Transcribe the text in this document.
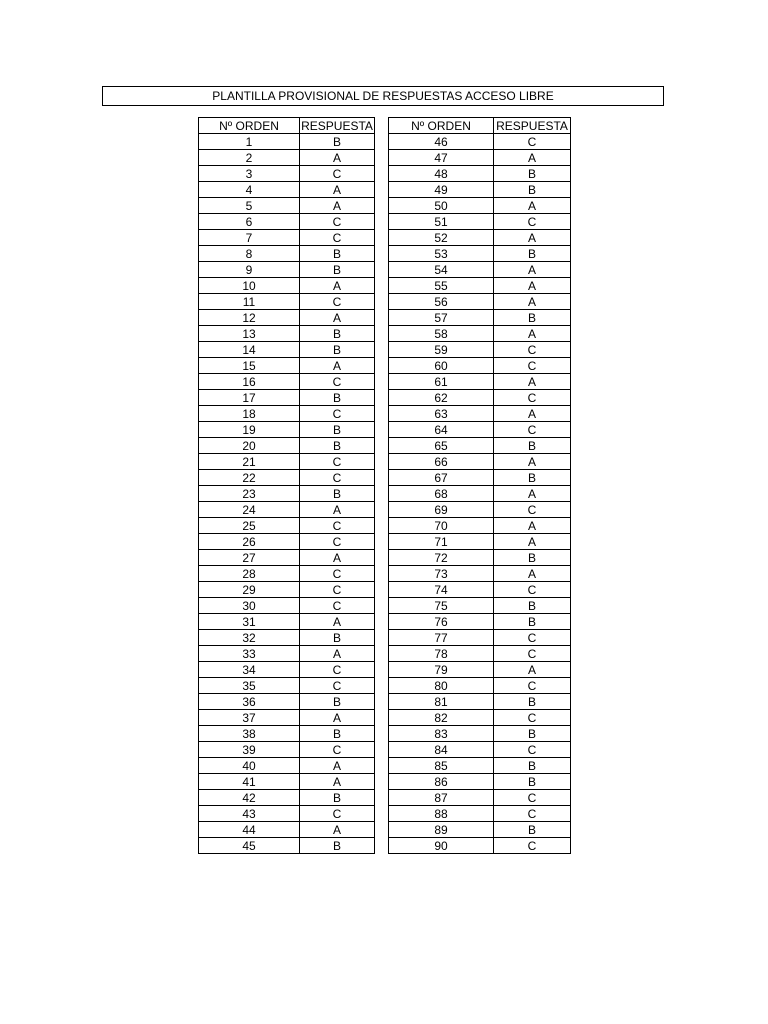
PLANTILLA PROVISIONAL DE RESPUESTAS ACCESO LIBRE
Nº ORDEN	RESPUESTA
1	B
2	A
3	C
4	A
5	A
6	C
7	C
8	B
9	B
10	A
11	C
12	A
13	B
14	B
15	A
16	C
17	B
18	C
19	B
20	B
21	C
22	C
23	B
24	A
25	C
26	C
27	A
28	C
29	C
30	C
31	A
32	B
33	A
34	C
35	C
36	B
37	A
38	B
39	C
40	A
41	A
42	B
43	C
44	A
45	B
Nº ORDEN	RESPUESTA
46	C
47	A
48	B
49	B
50	A
51	C
52	A
53	B
54	A
55	A
56	A
57	B
58	A
59	C
60	C
61	A
62	C
63	A
64	C
65	B
66	A
67	B
68	A
69	C
70	A
71	A
72	B
73	A
74	C
75	B
76	B
77	C
78	C
79	A
80	C
81	B
82	C
83	B
84	C
85	B
86	B
87	C
88	C
89	B
90	C
